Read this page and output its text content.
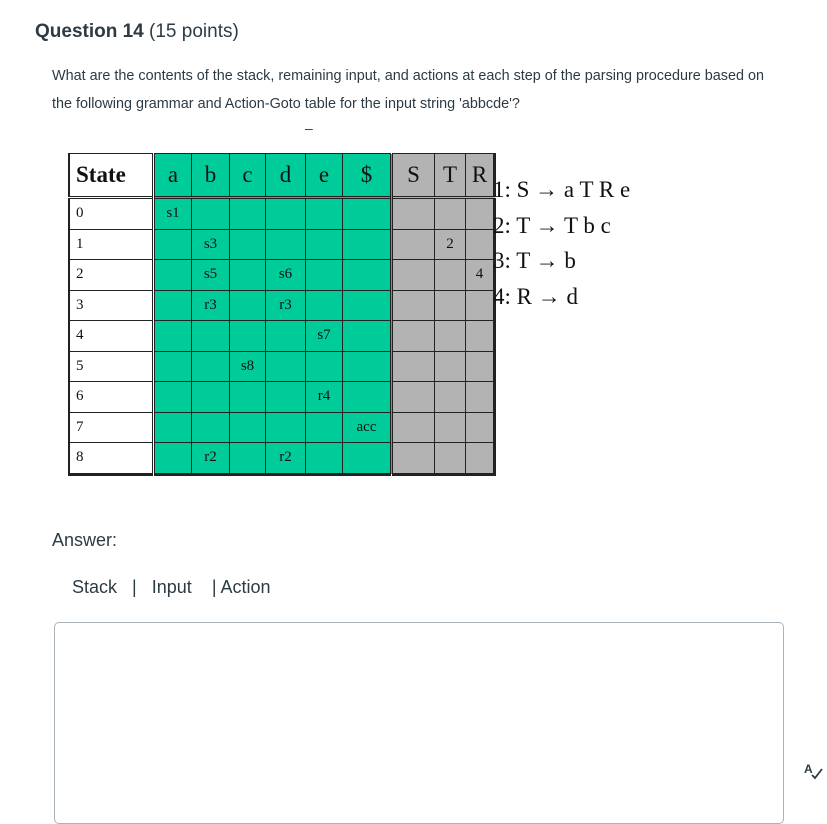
Question 14 (15 points)
What are the contents of the stack, remaining input, and actions at each step of the parsing procedure based on the following grammar and Action-Goto table for the input string 'abbcde'?
–
State	a	b	c	d	e	$	S	T	R
0	s1								
1		s3						2	
2		s5		s6					4
3		r3		r3					
4					s7				
5			s8						
6					r4				
7						acc			
8		r2		r2					
1: S → a T R e
2: T → T b c
3: T → b
4: R → d
Answer:
Stack | Input | Action
A
